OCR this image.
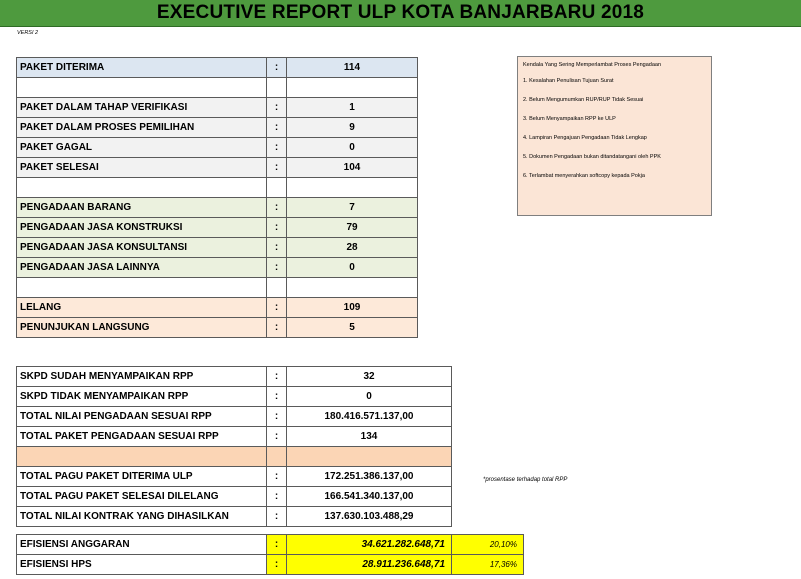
EXECUTIVE REPORT ULP KOTA BANJARBARU 2018
VERSI 2
PAKET DITERIMA	:	114

PAKET DALAM TAHAP VERIFIKASI	:	1
PAKET DALAM PROSES PEMILIHAN	:	9
PAKET GAGAL	:	0
PAKET SELESAI	:	104

PENGADAAN BARANG	:	7
PENGADAAN JASA KONSTRUKSI	:	79
PENGADAAN JASA KONSULTANSI	:	28
PENGADAAN JASA LAINNYA	:	0

LELANG	:	109
PENUNJUKAN LANGSUNG	:	5
Kendala Yang Sering Memperlambat Proses Pengadaan
1. Kesalahan Penulisan Tujuan Surat
2. Belum Mengumumkan RUP/RUP Tidak Sesuai
3. Belum Menyampaikan RPP ke ULP
4. Lampiran Pengajuan Pengadaan Tidak Lengkap
5. Dokumen Pengadaan bukan ditandatangani oleh PPK
6. Terlambat menyerahkan softcopy kepada Pokja
SKPD SUDAH MENYAMPAIKAN RPP	:	32
SKPD TIDAK MENYAMPAIKAN RPP	:	0
TOTAL NILAI PENGADAAN SESUAI RPP	:	180.416.571.137,00
TOTAL PAKET PENGADAAN SESUAI RPP	:	134

TOTAL PAGU PAKET DITERIMA ULP	:	172.251.386.137,00
TOTAL PAGU PAKET SELESAI DILELANG	:	166.541.340.137,00
TOTAL NILAI KONTRAK YANG DIHASILKAN	:	137.630.103.488,29
EFISIENSI ANGGARAN	:	34.621.282.648,71	20,10%
EFISIENSI HPS	:	28.911.236.648,71	17,36%
*prosentase terhadap total RPP
